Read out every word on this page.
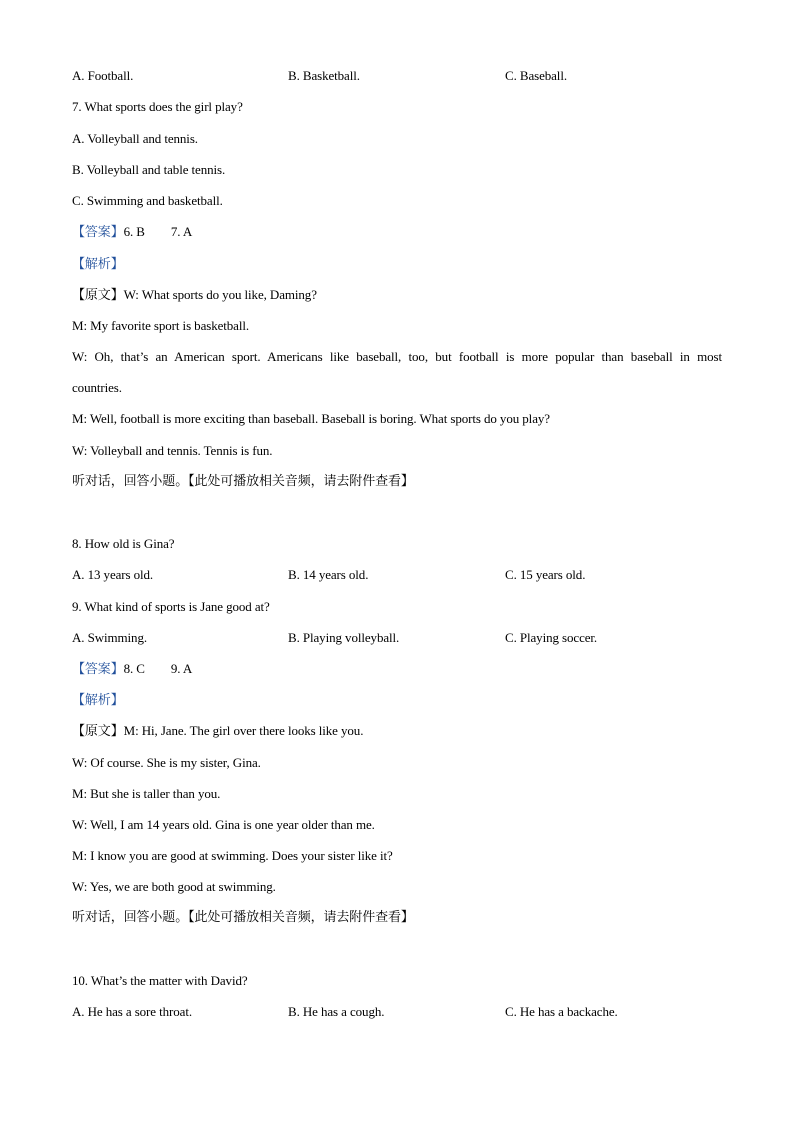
A. Football.	B. Basketball.	C. Baseball.
7. What sports does the girl play?
A. Volleyball and tennis.
B. Volleyball and table tennis.
C. Swimming and basketball.
【答案】6. B 7. A
【解析】
【原文】W: What sports do you like, Daming?
M: My favorite sport is basketball.
W: Oh, that’s an American sport. Americans like baseball, too, but football is more popular than baseball in most
countries.
M: Well, football is more exciting than baseball. Baseball is boring. What sports do you play?
W: Volleyball and tennis. Tennis is fun.
听对话，回答小题。【此处可播放相关音频，请去附件查看】
8. How old is Gina?
A. 13 years old.	B. 14 years old.	C. 15 years old.
9. What kind of sports is Jane good at?
A. Swimming.	B. Playing volleyball.	C. Playing soccer.
【答案】8. C 9. A
【解析】
【原文】M: Hi, Jane. The girl over there looks like you.
W: Of course. She is my sister, Gina.
M: But she is taller than you.
W: Well, I am 14 years old. Gina is one year older than me.
M: I know you are good at swimming. Does your sister like it?
W: Yes, we are both good at swimming.
听对话，回答小题。【此处可播放相关音频，请去附件查看】
10. What’s the matter with David?
A. He has a sore throat.	B. He has a cough.	C. He has a backache.
